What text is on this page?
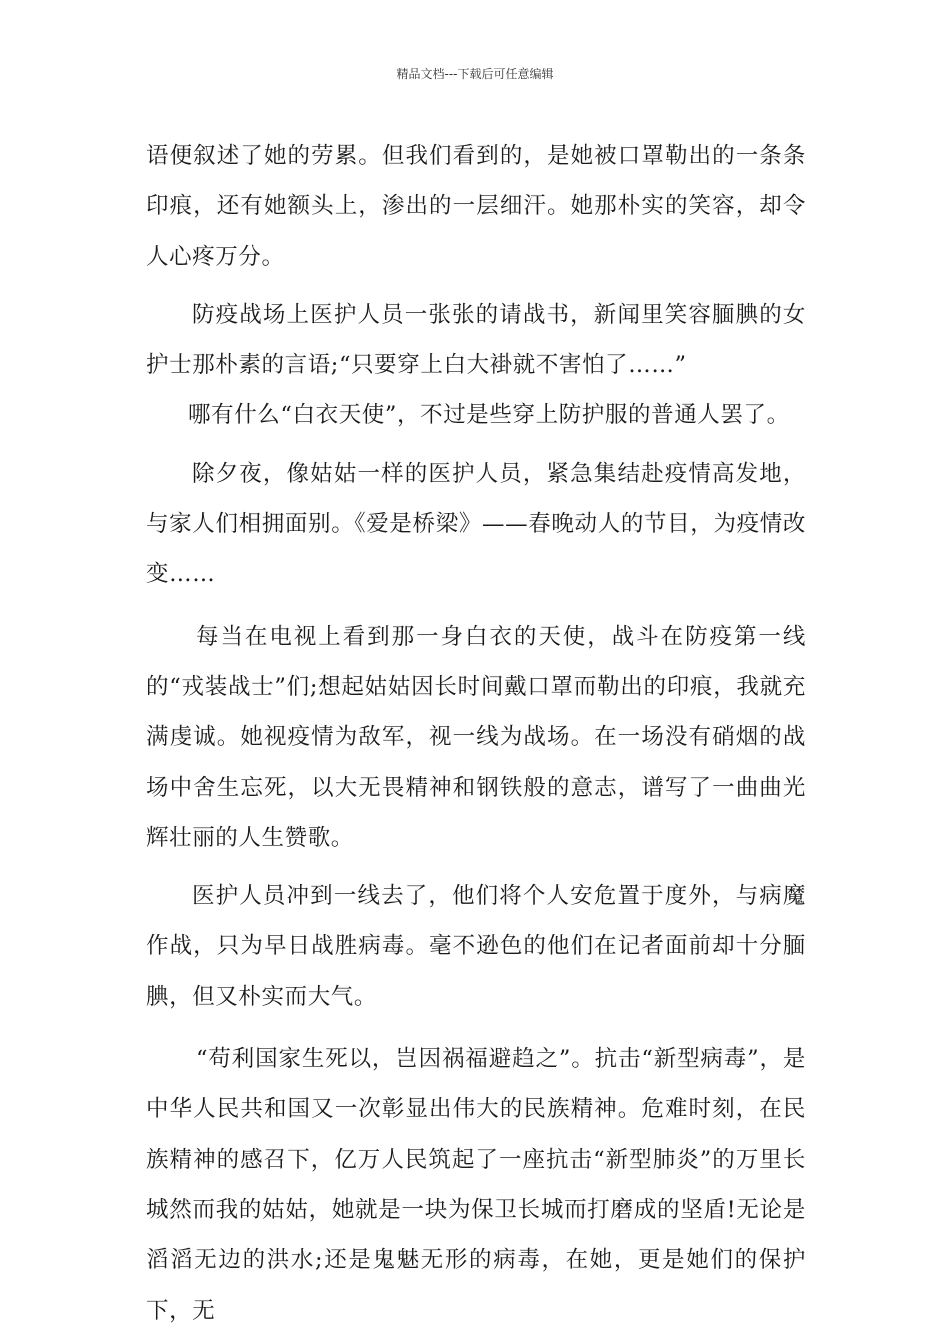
精品文档---下载后可任意编辑

语便叙述了她的劳累。但我们看到的，是她被口罩勒出的一条条印痕，还有她额头上，渗出的一层细汗。她那朴实的笑容，却令人心疼万分。

防疫战场上医护人员一张张的请战书，新闻里笑容腼腆的女护士那朴素的言语;“只要穿上白大褂就不害怕了……”

哪有什么“白衣天使”，不过是些穿上防护服的普通人罢了。

除夕夜，像姑姑一样的医护人员，紧急集结赴疫情高发地，与家人们相拥面别。《爱是桥梁》——春晚动人的节目，为疫情改变……

每当在电视上看到那一身白衣的天使，战斗在防疫第一线的“戎装战士”们;想起姑姑因长时间戴口罩而勒出的印痕，我就充满虔诚。她视疫情为敌军，视一线为战场。在一场没有硝烟的战场中舍生忘死，以大无畏精神和钢铁般的意志，谱写了一曲曲光辉壮丽的人生赞歌。

医护人员冲到一线去了，他们将个人安危置于度外，与病魔作战，只为早日战胜病毒。毫不逊色的他们在记者面前却十分腼腆，但又朴实而大气。

“苟利国家生死以，岂因祸福避趋之”。抗击“新型病毒”，是中华人民共和国又一次彰显出伟大的民族精神。危难时刻，在民族精神的感召下，亿万人民筑起了一座抗击“新型肺炎”的万里长城然而我的姑姑，她就是一块为保卫长城而打磨成的坚盾!无论是滔滔无边的洪水;还是鬼魅无形的病毒，在她，更是她们的保护下，无
